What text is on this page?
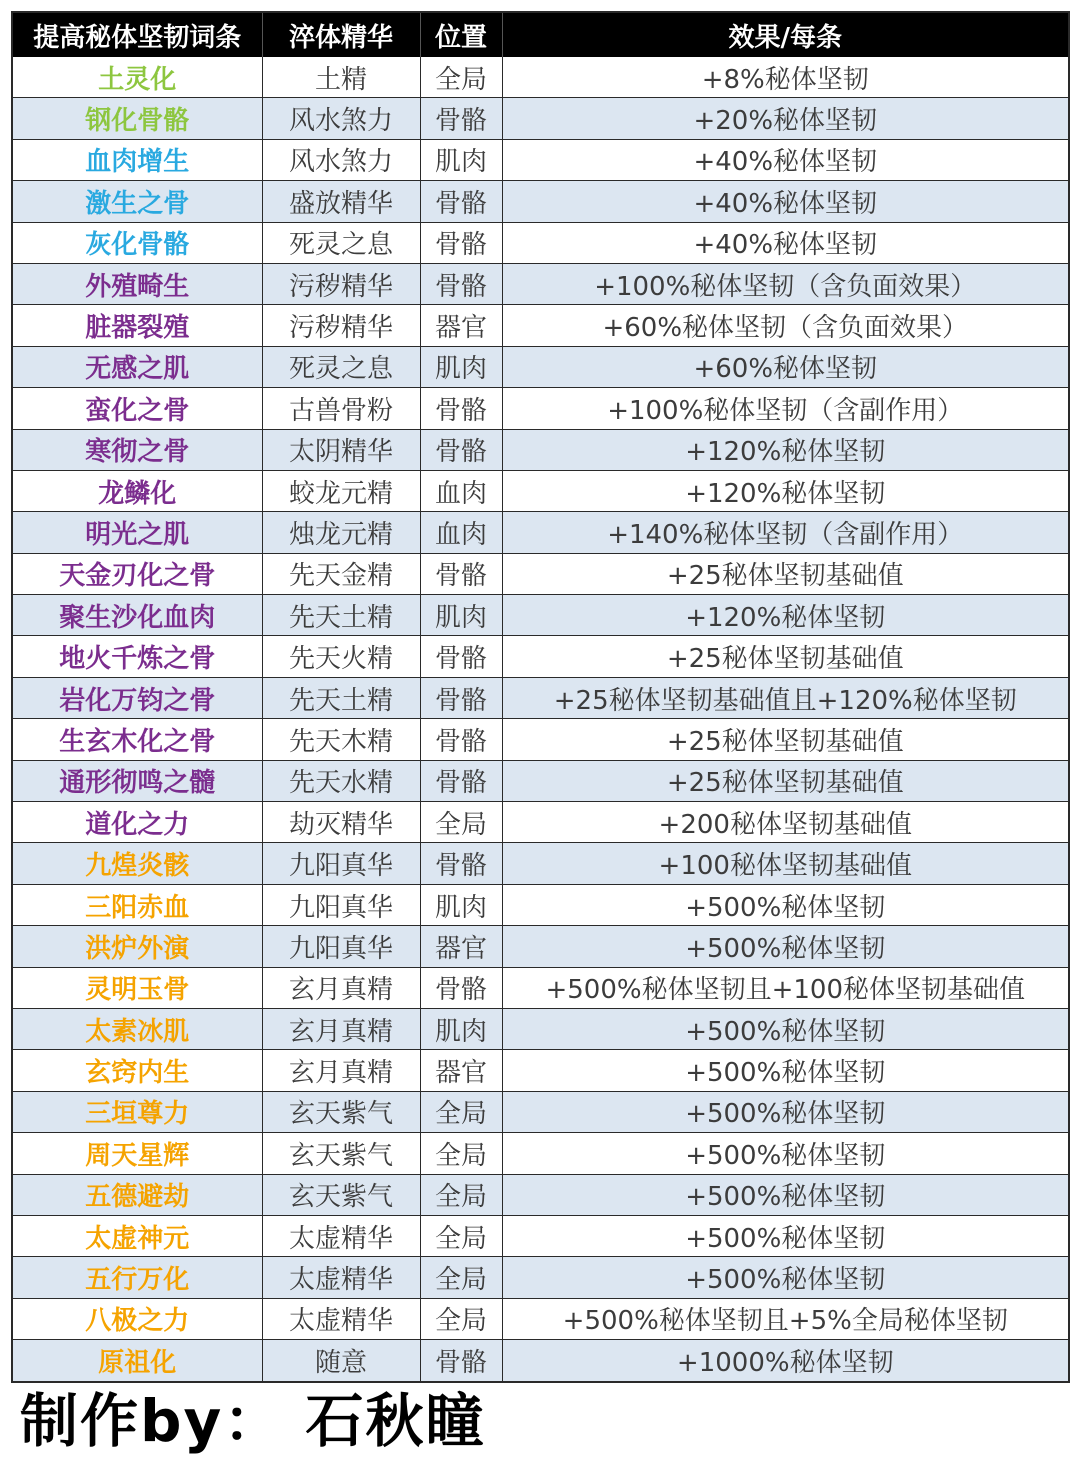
提高秘体坚韧词条	淬体精华	位置	效果/每条
土灵化	土精	全局	+8%秘体坚韧
钢化骨骼	风水煞力	骨骼	+20%秘体坚韧
血肉增生	风水煞力	肌肉	+40%秘体坚韧
激生之骨	盛放精华	骨骼	+40%秘体坚韧
灰化骨骼	死灵之息	骨骼	+40%秘体坚韧
外殖畸生	污秽精华	骨骼	+100%秘体坚韧（含负面效果）
脏器裂殖	污秽精华	器官	+60%秘体坚韧（含负面效果）
无感之肌	死灵之息	肌肉	+60%秘体坚韧
蛮化之骨	古兽骨粉	骨骼	+100%秘体坚韧（含副作用）
寒彻之骨	太阴精华	骨骼	+120%秘体坚韧
龙鳞化	蛟龙元精	血肉	+120%秘体坚韧
明光之肌	烛龙元精	血肉	+140%秘体坚韧（含副作用）
天金刃化之骨	先天金精	骨骼	+25秘体坚韧基础值
聚生沙化血肉	先天土精	肌肉	+120%秘体坚韧
地火千炼之骨	先天火精	骨骼	+25秘体坚韧基础值
岩化万钧之骨	先天土精	骨骼	+25秘体坚韧基础值且+120%秘体坚韧
生玄木化之骨	先天木精	骨骼	+25秘体坚韧基础值
通形彻鸣之髓	先天水精	骨骼	+25秘体坚韧基础值
道化之力	劫灭精华	全局	+200秘体坚韧基础值
九煌炎骸	九阳真华	骨骼	+100秘体坚韧基础值
三阳赤血	九阳真华	肌肉	+500%秘体坚韧
洪炉外演	九阳真华	器官	+500%秘体坚韧
灵明玉骨	玄月真精	骨骼	+500%秘体坚韧且+100秘体坚韧基础值
太素冰肌	玄月真精	肌肉	+500%秘体坚韧
玄窍内生	玄月真精	器官	+500%秘体坚韧
三垣尊力	玄天紫气	全局	+500%秘体坚韧
周天星辉	玄天紫气	全局	+500%秘体坚韧
五德避劫	玄天紫气	全局	+500%秘体坚韧
太虚神元	太虚精华	全局	+500%秘体坚韧
五行万化	太虚精华	全局	+500%秘体坚韧
八极之力	太虚精华	全局	+500%秘体坚韧且+5%全局秘体坚韧
原祖化	随意	骨骼	+1000%秘体坚韧
制作by： 石秋瞳
